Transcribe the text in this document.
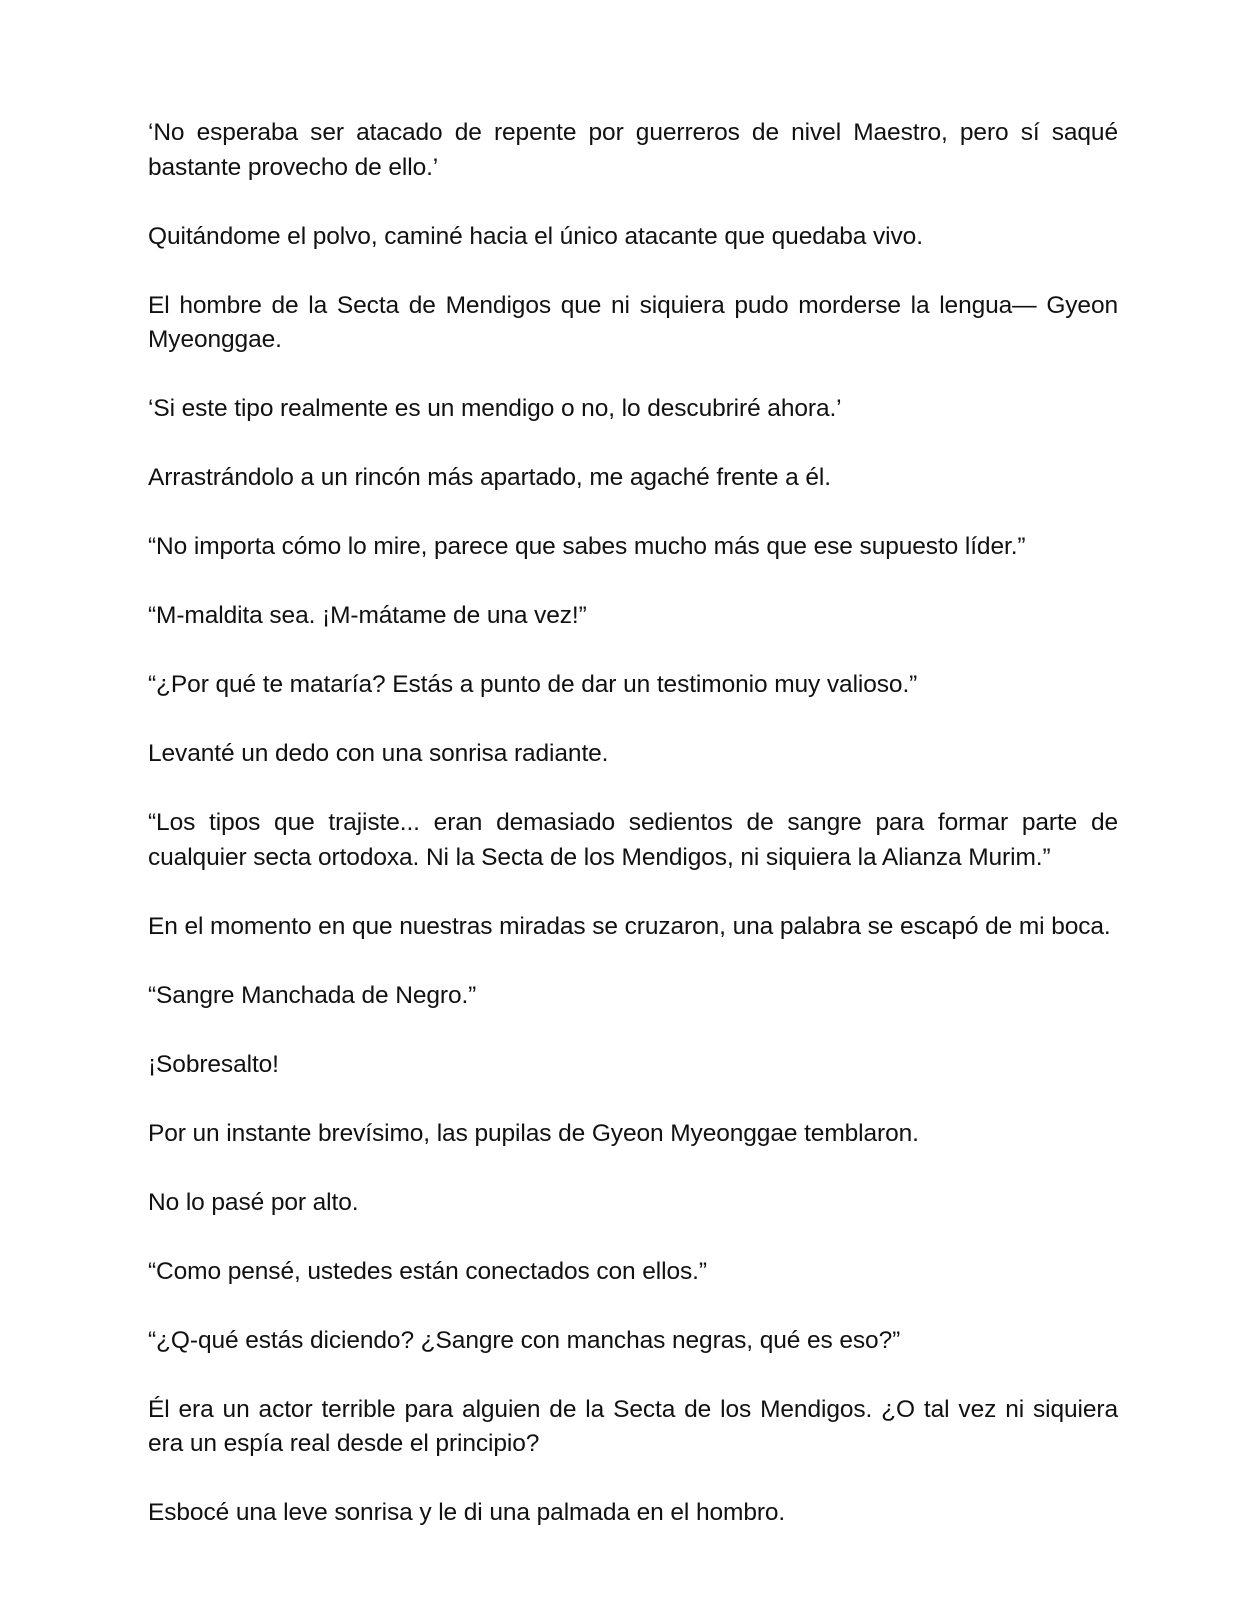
‘No esperaba ser atacado de repente por guerreros de nivel Maestro, pero sí saqué bastante provecho de ello.’

Quitándome el polvo, caminé hacia el único atacante que quedaba vivo.

El hombre de la Secta de Mendigos que ni siquiera pudo morderse la lengua— Gyeon Myeonggae.

‘Si este tipo realmente es un mendigo o no, lo descubriré ahora.’

Arrastrándolo a un rincón más apartado, me agaché frente a él.

“No importa cómo lo mire, parece que sabes mucho más que ese supuesto líder.”

“M-maldita sea. ¡M-mátame de una vez!”

“¿Por qué te mataría? Estás a punto de dar un testimonio muy valioso.”

Levanté un dedo con una sonrisa radiante.

“Los tipos que trajiste... eran demasiado sedientos de sangre para formar parte de cualquier secta ortodoxa. Ni la Secta de los Mendigos, ni siquiera la Alianza Murim.”

En el momento en que nuestras miradas se cruzaron, una palabra se escapó de mi boca.

“Sangre Manchada de Negro.”

¡Sobresalto!

Por un instante brevísimo, las pupilas de Gyeon Myeonggae temblaron.

No lo pasé por alto.

“Como pensé, ustedes están conectados con ellos.”

“¿Q-qué estás diciendo? ¿Sangre con manchas negras, qué es eso?”

Él era un actor terrible para alguien de la Secta de los Mendigos. ¿O tal vez ni siquiera era un espía real desde el principio?

Esbocé una leve sonrisa y le di una palmada en el hombro.
